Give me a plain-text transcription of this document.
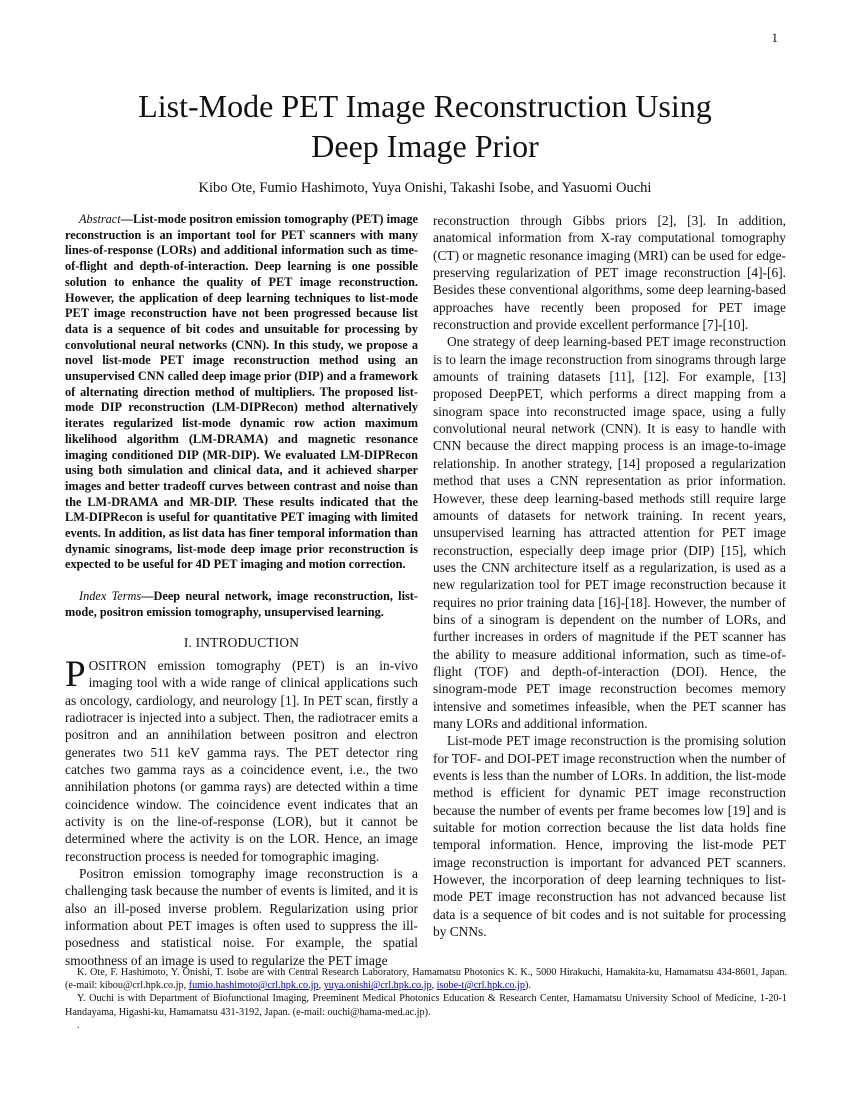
1
List-Mode PET Image Reconstruction Using
Deep Image Prior
Kibo Ote, Fumio Hashimoto, Yuya Onishi, Takashi Isobe, and Yasuomi Ouchi

Abstract—List-mode positron emission tomography (PET) image reconstruction is an important tool for PET scanners with many lines-of-response (LORs) and additional information such as time-of-flight and depth-of-interaction. Deep learning is one possible solution to enhance the quality of PET image reconstruction. However, the application of deep learning techniques to list-mode PET image reconstruction have not been progressed because list data is a sequence of bit codes and unsuitable for processing by convolutional neural networks (CNN). In this study, we propose a novel list-mode PET image reconstruction method using an unsupervised CNN called deep image prior (DIP) and a framework of alternating direction method of multipliers. The proposed list-mode DIP reconstruction (LM-DIPRecon) method alternatively iterates regularized list-mode dynamic row action maximum likelihood algorithm (LM-DRAMA) and magnetic resonance imaging conditioned DIP (MR-DIP). We evaluated LM-DIPRecon using both simulation and clinical data, and it achieved sharper images and better tradeoff curves between contrast and noise than the LM-DRAMA and MR-DIP. These results indicated that the LM-DIPRecon is useful for quantitative PET imaging with limited events. In addition, as list data has finer temporal information than dynamic sinograms, list-mode deep image prior reconstruction is expected to be useful for 4D PET imaging and motion correction.

Index Terms—Deep neural network, image reconstruction, list-mode, positron emission tomography, unsupervised learning.

I. INTRODUCTION

POSITRON emission tomography (PET) is an in-vivo imaging tool with a wide range of clinical applications such as oncology, cardiology, and neurology [1]. In PET scan, firstly a radiotracer is injected into a subject. Then, the radiotracer emits a positron and an annihilation between positron and electron generates two 511 keV gamma rays. The PET detector ring catches two gamma rays as a coincidence event, i.e., the two annihilation photons (or gamma rays) are detected within a time coincidence window. The coincidence event indicates that an activity is on the line-of-response (LOR), but it cannot be determined where the activity is on the LOR. Hence, an image reconstruction process is needed for tomographic imaging.

Positron emission tomography image reconstruction is a challenging task because the number of events is limited, and it is also an ill-posed inverse problem. Regularization using prior information about PET images is often used to suppress the ill-posedness and statistical noise. For example, the spatial smoothness of an image is used to regularize the PET image

reconstruction through Gibbs priors [2], [3]. In addition, anatomical information from X-ray computational tomography (CT) or magnetic resonance imaging (MRI) can be used for edge-preserving regularization of PET image reconstruction [4]-[6]. Besides these conventional algorithms, some deep learning-based approaches have recently been proposed for PET image reconstruction and provide excellent performance [7]-[10].

One strategy of deep learning-based PET image reconstruction is to learn the image reconstruction from sinograms through large amounts of training datasets [11], [12]. For example, [13] proposed DeepPET, which performs a direct mapping from a sinogram space into reconstructed image space, using a fully convolutional neural network (CNN). It is easy to handle with CNN because the direct mapping process is an image-to-image relationship. In another strategy, [14] proposed a regularization method that uses a CNN representation as prior information. However, these deep learning-based methods still require large amounts of datasets for network training. In recent years, unsupervised learning has attracted attention for PET image reconstruction, especially deep image prior (DIP) [15], which uses the CNN architecture itself as a regularization, is used as a new regularization tool for PET image reconstruction because it requires no prior training data [16]-[18]. However, the number of bins of a sinogram is dependent on the number of LORs, and further increases in orders of magnitude if the PET scanner has the ability to measure additional information, such as time-of-flight (TOF) and depth-of-interaction (DOI). Hence, the sinogram-mode PET image reconstruction becomes memory intensive and sometimes infeasible, when the PET scanner has many LORs and additional information.

List-mode PET image reconstruction is the promising solution for TOF- and DOI-PET image reconstruction when the number of events is less than the number of LORs. In addition, the list-mode method is efficient for dynamic PET image reconstruction because the number of events per frame becomes low [19] and is suitable for motion correction because the list data holds fine temporal information. Hence, improving the list-mode PET image reconstruction is important for advanced PET scanners. However, the incorporation of deep learning techniques to list-mode PET image reconstruction has not advanced because list data is a sequence of bit codes and is not suitable for processing by CNNs.

K. Ote, F. Hashimoto, Y. Onishi, T. Isobe are with Central Research Laboratory, Hamamatsu Photonics K. K., 5000 Hirakuchi, Hamakita-ku, Hamamatsu 434-8601, Japan. (e-mail: kibou@crl.hpk.co.jp, fumio.hashimoto@crl.hpk.co.jp, yuya.onishi@crl.hpk.co.jp, isobe-t@crl.hpk.co.jp).

Y. Ouchi is with Department of Biofunctional Imaging, Preeminent Medical Photonics Education & Research Center, Hamamatsu University School of Medicine, 1-20-1 Handayama, Higashi-ku, Hamamatsu 431-3192, Japan. (e-mail: ouchi@hama-med.ac.jp).

.
